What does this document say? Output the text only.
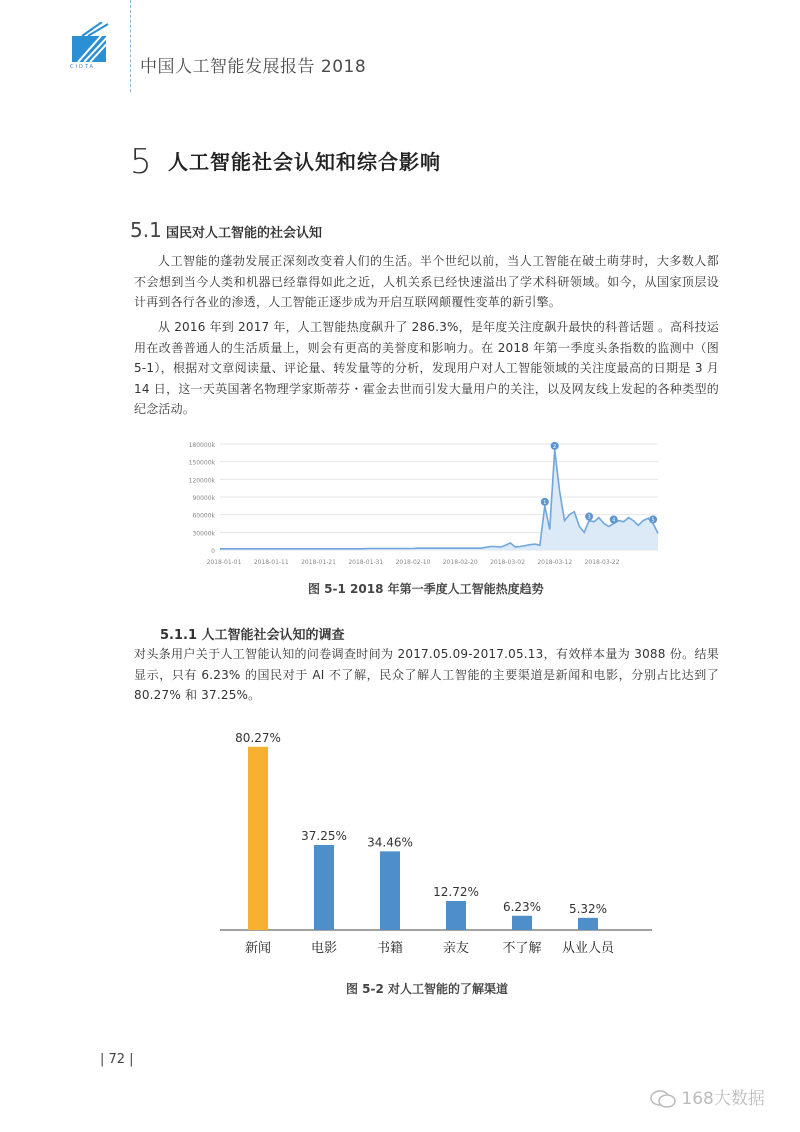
CIDTA	中国人工智能发展报告 2018
5 人工智能社会认知和综合影响
5.1 国民对人工智能的社会认知
人工智能的蓬勃发展正深刻改变着人们的生活。半个世纪以前，当人工智能在破土萌芽时，大多数人都不会想到当今人类和机器已经靠得如此之近，人机关系已经快速溢出了学术科研领域。如今，从国家顶层设计再到各行各业的渗透，人工智能正逐步成为开启互联网颠覆性变革的新引擎。
从 2016 年到 2017 年，人工智能热度飙升了 286.3%，是年度关注度飙升最快的科普话题 。高科技运用在改善普通人的生活质量上，则会有更高的美誉度和影响力。在 2018 年第一季度头条指数的监测中（图 5-1），根据对文章阅读量、评论量、转发量等的分析，发现用户对人工智能领域的关注度最高的日期是 3 月 14 日，这一天英国著名物理学家斯蒂芬・霍金去世而引发大量用户的关注，以及网友线上发起的各种类型的纪念活动。
180000k
150000k
120000k
90000k
60000k
30000k
0
1
2
3	4	5
2018-01-01 2018-01-11 2018-01-21 2018-01-31 2018-02-10 2018-02-20 2018-03-02 2018-03-12 2018-03-22
图 5-1 2018 年第一季度人工智能热度趋势
5.1.1 人工智能社会认知的调查
对头条用户关于人工智能认知的问卷调查时间为 2017.05.09-2017.05.13，有效样本量为 3088 份。结果显示，只有 6.23% 的国民对于 AI 不了解，民众了解人工智能的主要渠道是新闻和电影，分别占比达到了 80.27% 和 37.25%。
80.27%
新闻
37.25%
电影
34.46%
书籍
12.72%
亲友
6.23%
不了解
5.32%
从业人员
图 5-2 对人工智能的了解渠道
| 72 |
168大数据
